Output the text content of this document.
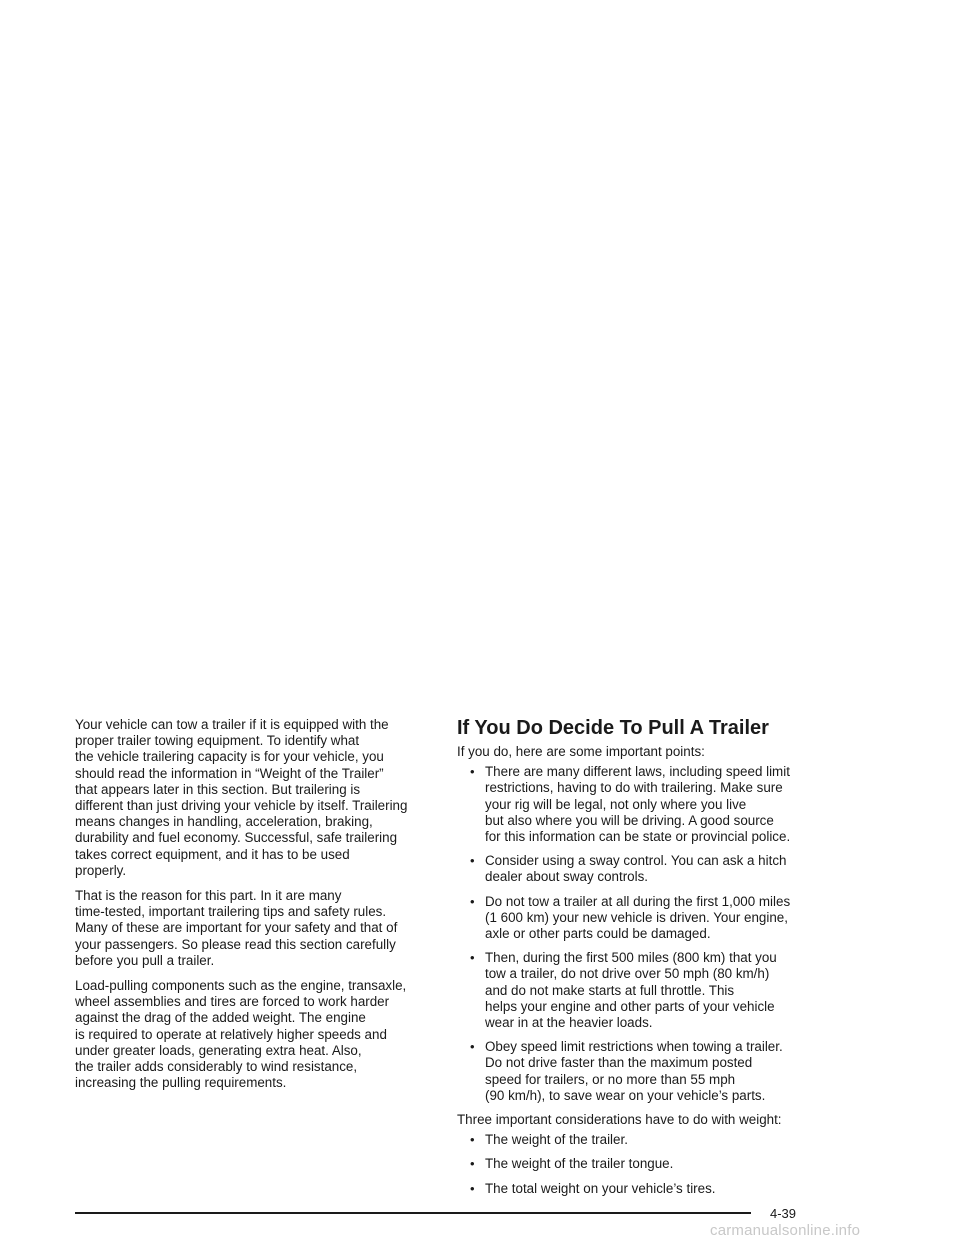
Your vehicle can tow a trailer if it is equipped with the
proper trailer towing equipment. To identify what
the vehicle trailering capacity is for your vehicle, you
should read the information in “Weight of the Trailer”
that appears later in this section. But trailering is
different than just driving your vehicle by itself. Trailering
means changes in handling, acceleration, braking,
durability and fuel economy. Successful, safe trailering
takes correct equipment, and it has to be used
properly.

That is the reason for this part. In it are many
time-tested, important trailering tips and safety rules.
Many of these are important for your safety and that of
your passengers. So please read this section carefully
before you pull a trailer.

Load-pulling components such as the engine, transaxle,
wheel assemblies and tires are forced to work harder
against the drag of the added weight. The engine
is required to operate at relatively higher speeds and
under greater loads, generating extra heat. Also,
the trailer adds considerably to wind resistance,
increasing the pulling requirements.

If You Do Decide To Pull A Trailer

If you do, here are some important points:

• There are many different laws, including speed limit
restrictions, having to do with trailering. Make sure
your rig will be legal, not only where you live
but also where you will be driving. A good source
for this information can be state or provincial police.
• Consider using a sway control. You can ask a hitch
dealer about sway controls.
• Do not tow a trailer at all during the first 1,000 miles
(1 600 km) your new vehicle is driven. Your engine,
axle or other parts could be damaged.
• Then, during the first 500 miles (800 km) that you
tow a trailer, do not drive over 50 mph (80 km/h)
and do not make starts at full throttle. This
helps your engine and other parts of your vehicle
wear in at the heavier loads.
• Obey speed limit restrictions when towing a trailer.
Do not drive faster than the maximum posted
speed for trailers, or no more than 55 mph
(90 km/h), to save wear on your vehicle’s parts.

Three important considerations have to do with weight:

• The weight of the trailer.
• The weight of the trailer tongue.
• The total weight on your vehicle’s tires.
4-39
carmanualsonline.info
